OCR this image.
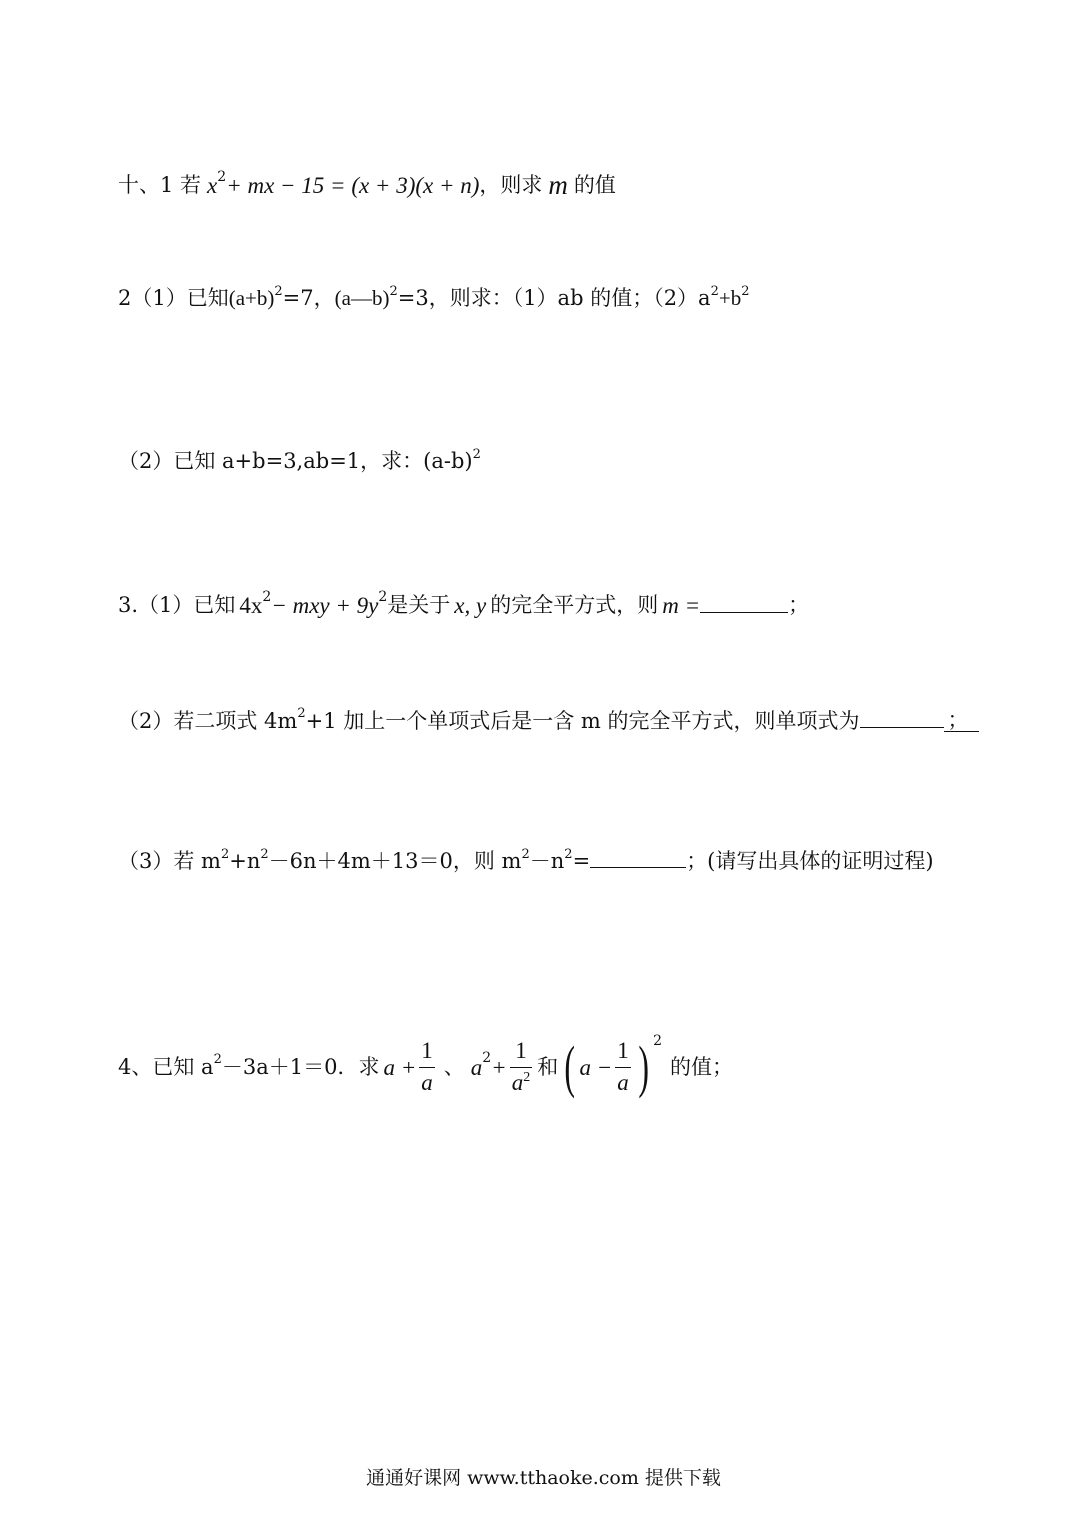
十、1 若 x 2 + mx − 15 = (x + 3)(x + n) ，则求 m 的值
2（1）已知 $(a+b)^2 =7$， (a—b)$^2$ =3，则求：（1）ab 的值；$(2)a^2 +b^2$
（2）已知 a+b=3,ab=1，求：$(a-b)^2$
3.（1）已知 4x 2 − mxy + 9y 2 是关于 x, y 的完全平方式，则 m =	；
（2）若二项式 $4m^2 +1$ 加上一个单项式后是一含 m 的完全平方式，则单项式为	；
（3）若 $m^2 +n^2 -6n+4m+13=0$，则 $m^2 -n^2$ =	；(请写出具体的证明过程)
4、已知 $a^2 -3a+1=0$．求 $a + \frac{1}{a}$ 、 a $2 + \frac{1}{a^2}$ 和 ( $a - \frac{1}{a}$ ) 2
的值；
通通好课网 www.tthaoke.com 提供下载
